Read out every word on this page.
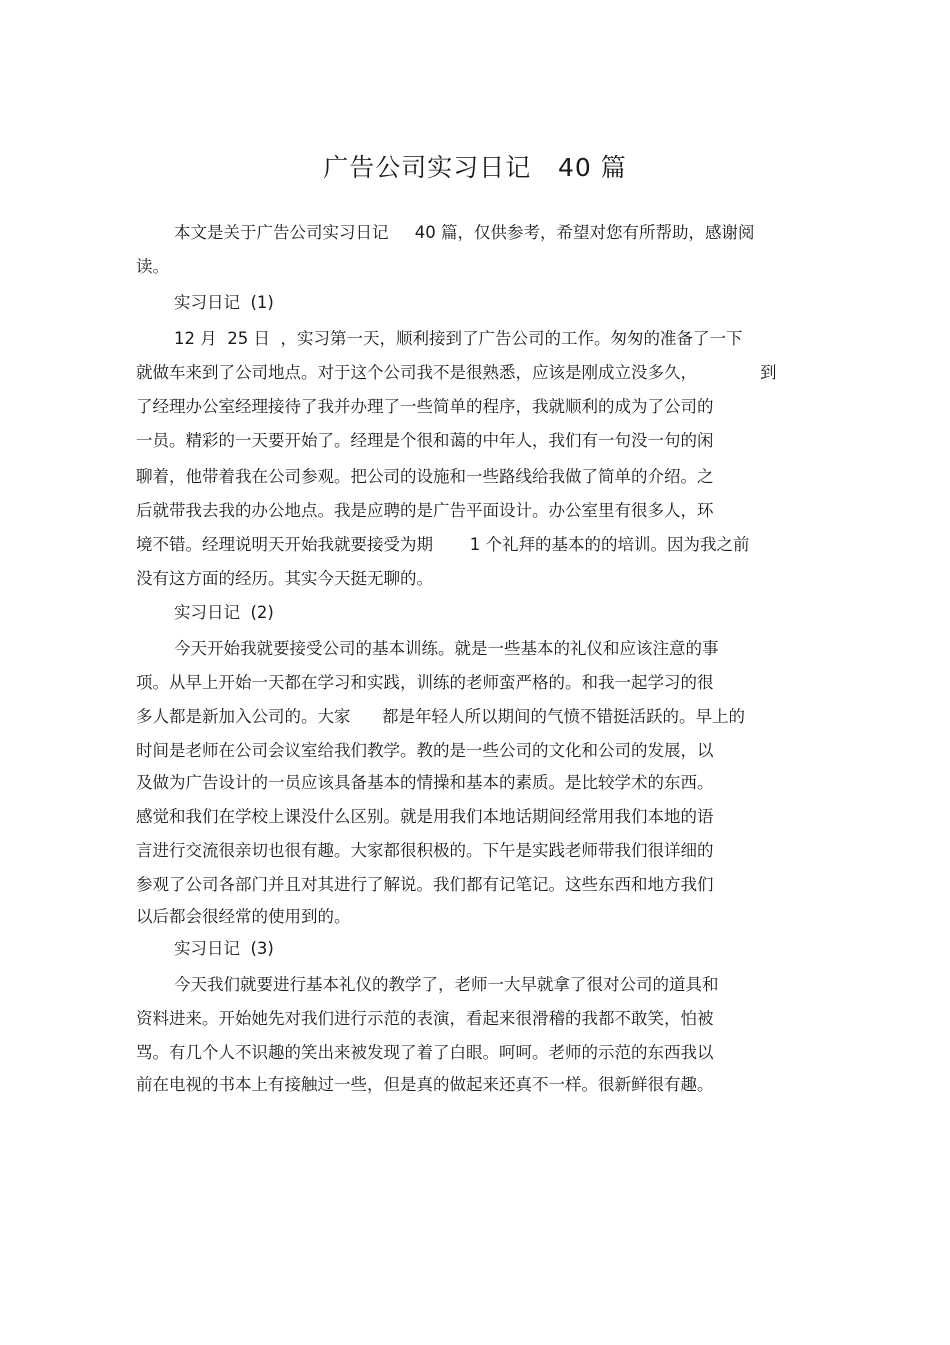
广告公司实习日记   40 篇
本文是关于广告公司实习日记     40 篇，仅供参考，希望对您有所帮助，感谢阅
读。
实习日记  (1)
12 月  25 日  ，实习第一天，顺利接到了广告公司的工作。匆匆的准备了一下
就做车来到了公司地点。对于这个公司我不是很熟悉，应该是刚成立没多久，            到
了经理办公室经理接待了我并办理了一些简单的程序，我就顺利的成为了公司的
一员。精彩的一天要开始了。经理是个很和蔼的中年人，我们有一句没一句的闲
聊着，他带着我在公司参观。把公司的设施和一些路线给我做了简单的介绍。之
后就带我去我的办公地点。我是应聘的是广告平面设计。办公室里有很多人，环
境不错。经理说明天开始我就要接受为期       1 个礼拜的基本的的培训。因为我之前
没有这方面的经历。其实今天挺无聊的。
实习日记  (2)
今天开始我就要接受公司的基本训练。就是一些基本的礼仪和应该注意的事
项。从早上开始一天都在学习和实践，训练的老师蛮严格的。和我一起学习的很
多人都是新加入公司的。大家      都是年轻人所以期间的气愤不错挺活跃的。早上的
时间是老师在公司会议室给我们教学。教的是一些公司的文化和公司的发展，以
及做为广告设计的一员应该具备基本的情操和基本的素质。是比较学术的东西。
感觉和我们在学校上课没什么区别。就是用我们本地话期间经常用我们本地的语
言进行交流很亲切也很有趣。大家都很积极的。下午是实践老师带我们很详细的
参观了公司各部门并且对其进行了解说。我们都有记笔记。这些东西和地方我们
以后都会很经常的使用到的。
实习日记  (3)
今天我们就要进行基本礼仪的教学了，老师一大早就拿了很对公司的道具和
资料进来。开始她先对我们进行示范的表演，看起来很滑稽的我都不敢笑，怕被
骂。有几个人不识趣的笑出来被发现了着了白眼。呵呵。老师的示范的东西我以
前在电视的书本上有接触过一些，但是真的做起来还真不一样。很新鲜很有趣。
